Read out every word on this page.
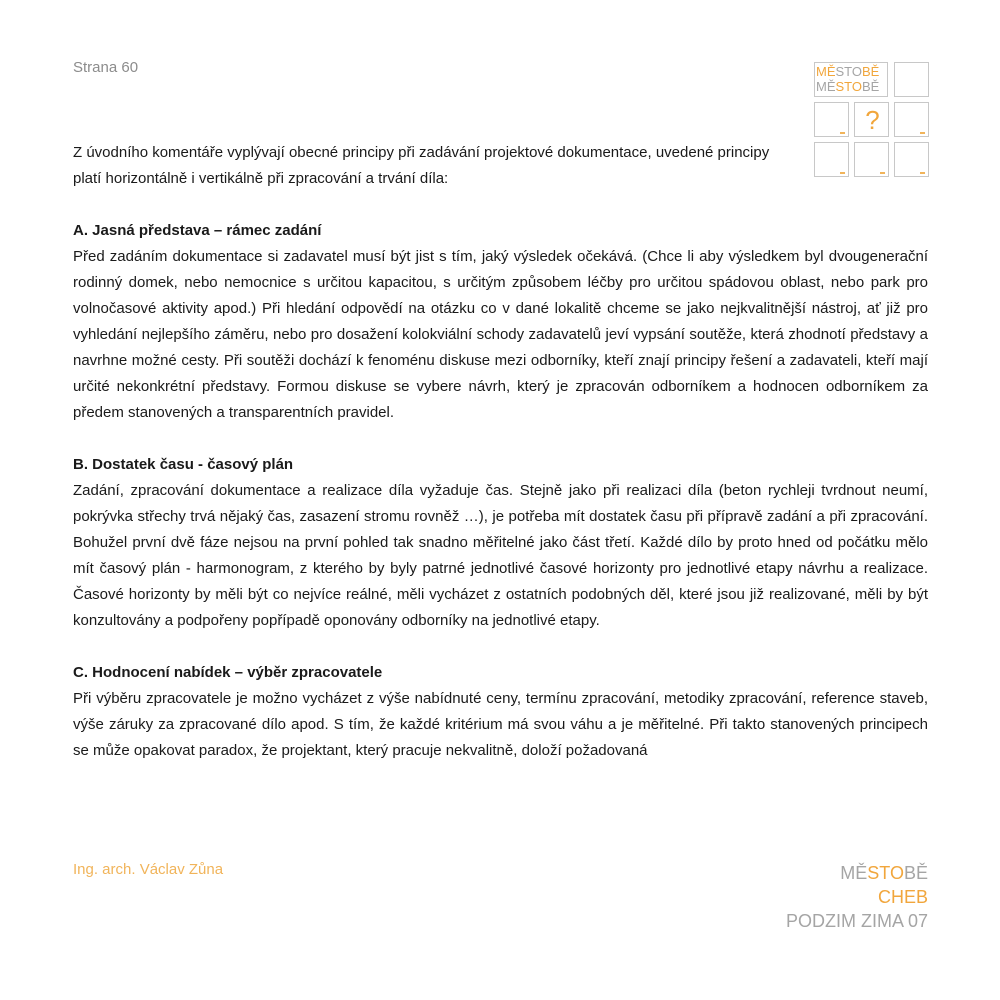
Strana 60	MĚSTOBĚ
MĚSTOBĚ
?

Z úvodního komentáře vyplývají obecné principy při zadávání projektové dokumentace, uvedené principy platí horizontálně i vertikálně při zpracování a trvání díla:

A. Jasná představa – rámec zadání

Před zadáním dokumentace si zadavatel musí být jist s tím, jaký výsledek očekává. (Chce li aby výsledkem byl dvougenerační rodinný domek, nebo nemocnice s určitou kapacitou, s určitým způsobem léčby pro určitou spádovou oblast, nebo park pro volnočasové aktivity apod.) Při hledání odpovědí na otázku co v dané lokalitě chceme se jako nejkvalitnější nástroj, ať již pro vyhledání nejlepšího záměru, nebo pro dosažení kolokviální schody zadavatelů jeví vypsání soutěže, která zhodnotí představy a navrhne možné cesty. Při soutěži dochází k fenoménu diskuse mezi odborníky, kteří znají principy řešení a zadavateli, kteří mají určité nekonkrétní představy. Formou diskuse se vybere návrh, který je zpracován odborníkem a hodnocen odborníkem za předem stanovených a transparentních pravidel.

B. Dostatek času - časový plán

Zadání, zpracování dokumentace a realizace díla vyžaduje čas. Stejně jako při realizaci díla (beton rychleji tvrdnout neumí, pokrývka střechy trvá nějaký čas, zasazení stromu rovněž …), je potřeba mít dostatek času při přípravě zadání a při zpracování. Bohužel první dvě fáze nejsou na první pohled tak snadno měřitelné jako část třetí. Každé dílo by proto hned od počátku mělo mít časový plán - harmonogram, z kterého by byly patrné jednotlivé časové horizonty pro jednotlivé etapy návrhu a realizace. Časové horizonty by měli být co nejvíce reálné, měli vycházet z ostatních podobných děl, které jsou již realizované, měli by být konzultovány a podpořeny popřípadě oponovány odborníky na jednotlivé etapy.

C. Hodnocení nabídek – výběr zpracovatele

Při výběru zpracovatele je možno vycházet z výše nabídnuté ceny, termínu zpracování, metodiky zpracování, reference staveb, výše záruky za zpracované dílo apod. S tím, že každé kritérium má svou váhu a je měřitelné. Při takto stanovených principech se může opakovat paradox, že projektant, který pracuje nekvalitně, doloží požadovaná

Ing. arch. Václav Zůna	MĚSTOBĚ
CHEB
PODZIM ZIMA 07
